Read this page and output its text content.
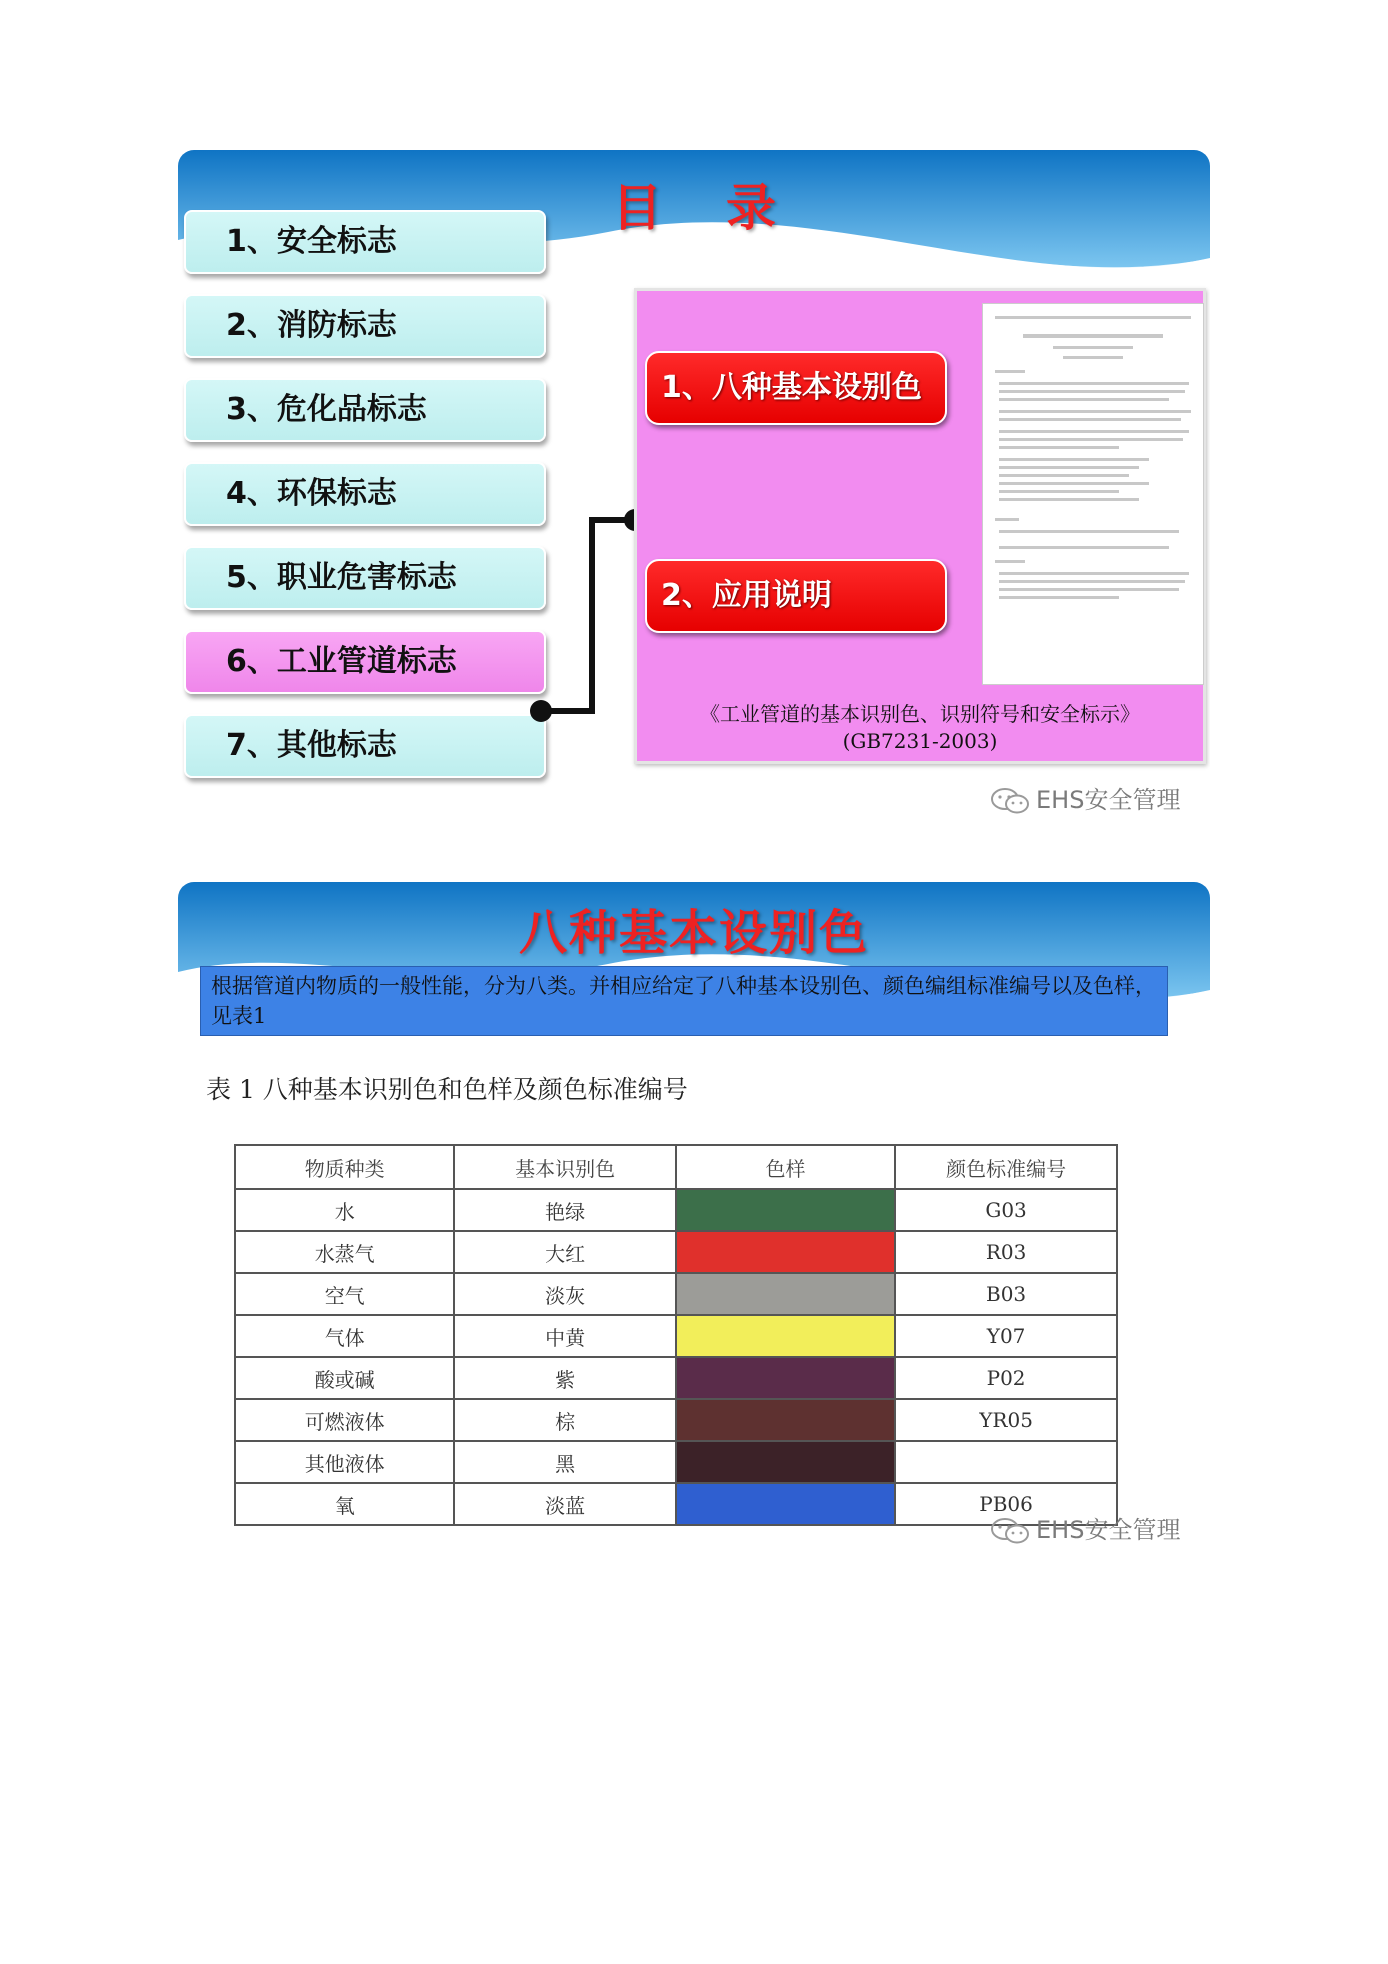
目录
1、安全标志
2、消防标志
3、危化品标志
4、环保标志
5、职业危害标志
6、工业管道标志
7、其他标志
1、八种基本设别色
2、应用说明
《工业管道的基本识别色、识别符号和安全标示》
(GB7231-2003)
EHS安全管理
八种基本设别色
根据管道内物质的一般性能，分为八类。并相应给定了八种基本设别色、颜色编组标准编号以及色样，见表1
表 1 八种基本识别色和色样及颜色标准编号
物质种类	基本识别色	色样	颜色标准编号
水	艳绿		G03
水蒸气	大红		R03
空气	淡灰		B03
气体	中黄		Y07
酸或碱	紫		P02
可燃液体	棕		YR05
其他液体	黑		
氧	淡蓝		PB06
EHS安全管理
